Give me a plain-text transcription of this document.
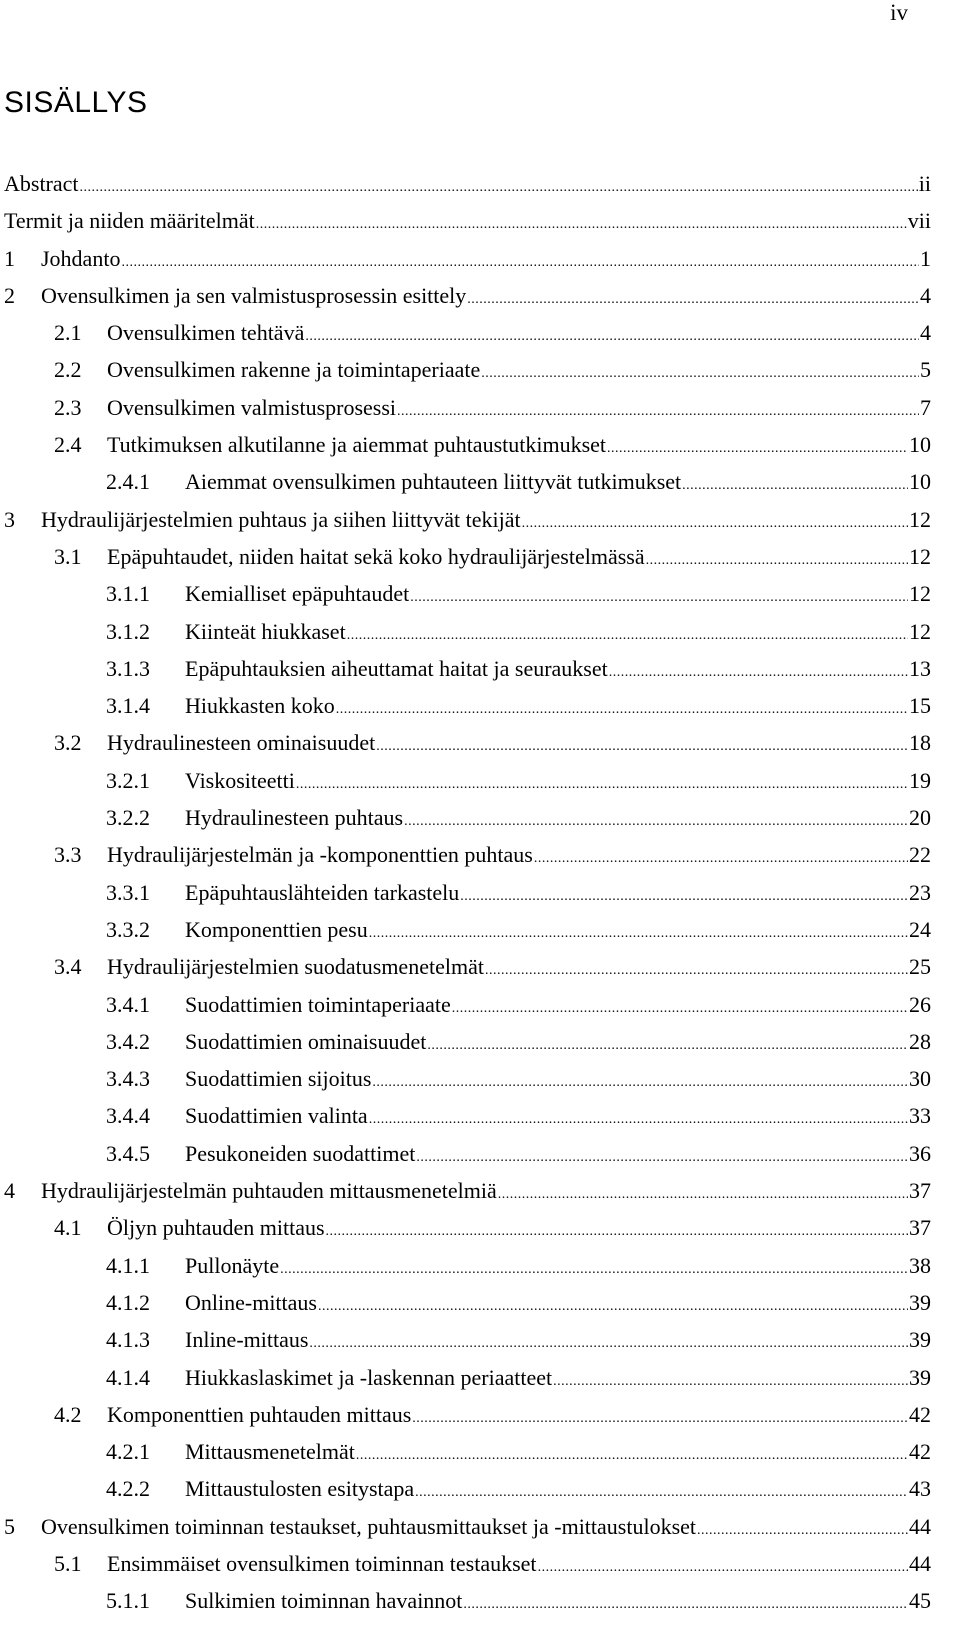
iv
SISÄLLYS
Abstract .....	ii
Termit ja niiden määritelmät .....	vii
1	Johdanto .....	1
2	Ovensulkimen ja sen valmistusprosessin esittely .....	4
2.1	Ovensulkimen tehtävä .....	4
2.2	Ovensulkimen rakenne ja toimintaperiaate .....	5
2.3	Ovensulkimen valmistusprosessi .....	7
2.4	Tutkimuksen alkutilanne ja aiemmat puhtaustutkimukset .....	10
2.4.1	Aiemmat ovensulkimen puhtauteen liittyvät tutkimukset .....	10
3	Hydraulijärjestelmien puhtaus ja siihen liittyvät tekijät .....	12
3.1	Epäpuhtaudet, niiden haitat sekä koko hydraulijärjestelmässä .....	12
3.1.1	Kemialliset epäpuhtaudet .....	12
3.1.2	Kiinteät hiukkaset .....	12
3.1.3	Epäpuhtauksien aiheuttamat haitat ja seuraukset .....	13
3.1.4	Hiukkasten koko .....	15
3.2	Hydraulinesteen ominaisuudet .....	18
3.2.1	Viskositeetti .....	19
3.2.2	Hydraulinesteen puhtaus .....	20
3.3	Hydraulijärjestelmän ja -komponenttien puhtaus .....	22
3.3.1	Epäpuhtauslähteiden tarkastelu .....	23
3.3.2	Komponenttien pesu .....	24
3.4	Hydraulijärjestelmien suodatusmenetelmät .....	25
3.4.1	Suodattimien toimintaperiaate .....	26
3.4.2	Suodattimien ominaisuudet .....	28
3.4.3	Suodattimien sijoitus .....	30
3.4.4	Suodattimien valinta .....	33
3.4.5	Pesukoneiden suodattimet .....	36
4	Hydraulijärjestelmän puhtauden mittausmenetelmiä .....	37
4.1	Öljyn puhtauden mittaus .....	37
4.1.1	Pullonäyte .....	38
4.1.2	Online-mittaus .....	39
4.1.3	Inline-mittaus .....	39
4.1.4	Hiukkaslaskimet ja -laskennan periaatteet .....	39
4.2	Komponenttien puhtauden mittaus .....	42
4.2.1	Mittausmenetelmät .....	42
4.2.2	Mittaustulosten esitystapa .....	43
5	Ovensulkimen toiminnan testaukset, puhtausmittaukset ja -mittaustulokset .....	44
5.1	Ensimmäiset ovensulkimen toiminnan testaukset .....	44
5.1.1	Sulkimien toiminnan havainnot .....	45
